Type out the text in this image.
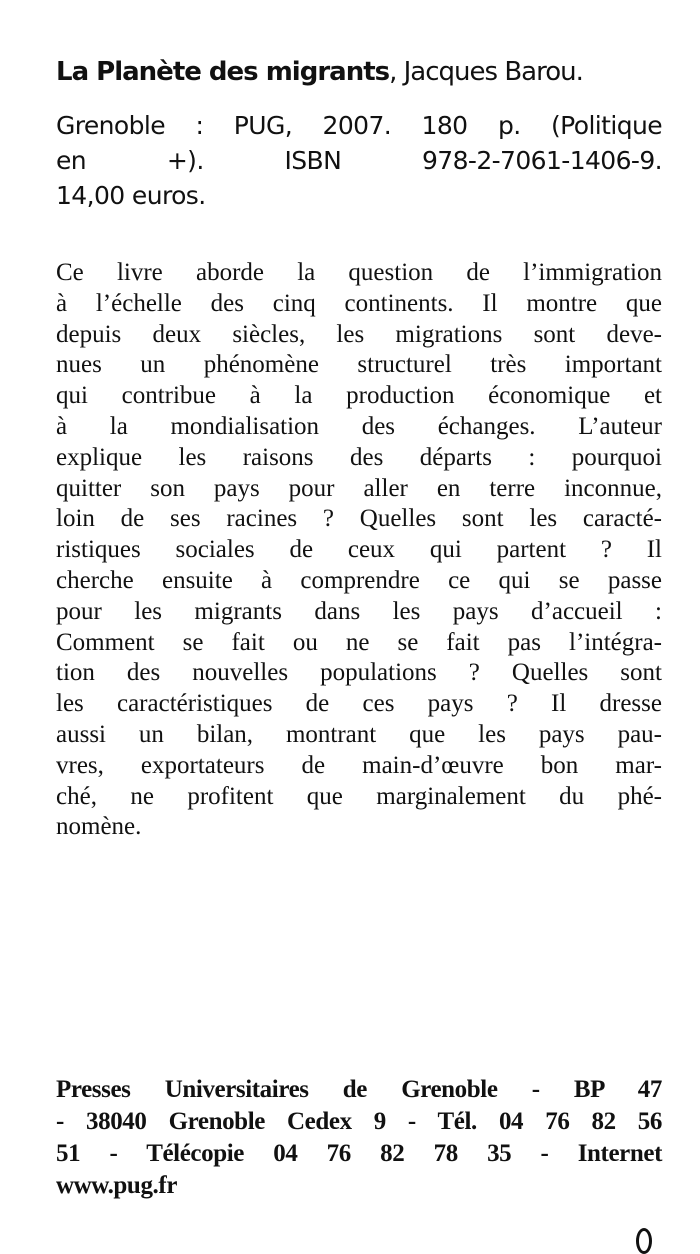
La Planète des migrants, Jacques Barou.
Grenoble : PUG, 2007. 180 p. (Politique
en +). ISBN 978-2-7061-1406-9.
14,00 euros.
Ce livre aborde la question de l’immigration
à l’échelle des cinq continents. Il montre que
depuis deux siècles, les migrations sont deve-
nues un phénomène structurel très important
qui contribue à la production économique et
à la mondialisation des échanges. L’auteur
explique les raisons des départs : pourquoi
quitter son pays pour aller en terre inconnue,
loin de ses racines ? Quelles sont les caracté-
ristiques sociales de ceux qui partent ? Il
cherche ensuite à comprendre ce qui se passe
pour les migrants dans les pays d’accueil :
Comment se fait ou ne se fait pas l’intégra-
tion des nouvelles populations ? Quelles sont
les caractéristiques de ces pays ? Il dresse
aussi un bilan, montrant que les pays pau-
vres, exportateurs de main-d’œuvre bon mar-
ché, ne profitent que marginalement du phé-
nomène.
Presses Universitaires de Grenoble - BP 47
- 38040 Grenoble Cedex 9 - Tél. 04 76 82 56
51 - Télécopie 04 76 82 78 35 - Internet
www.pug.fr
